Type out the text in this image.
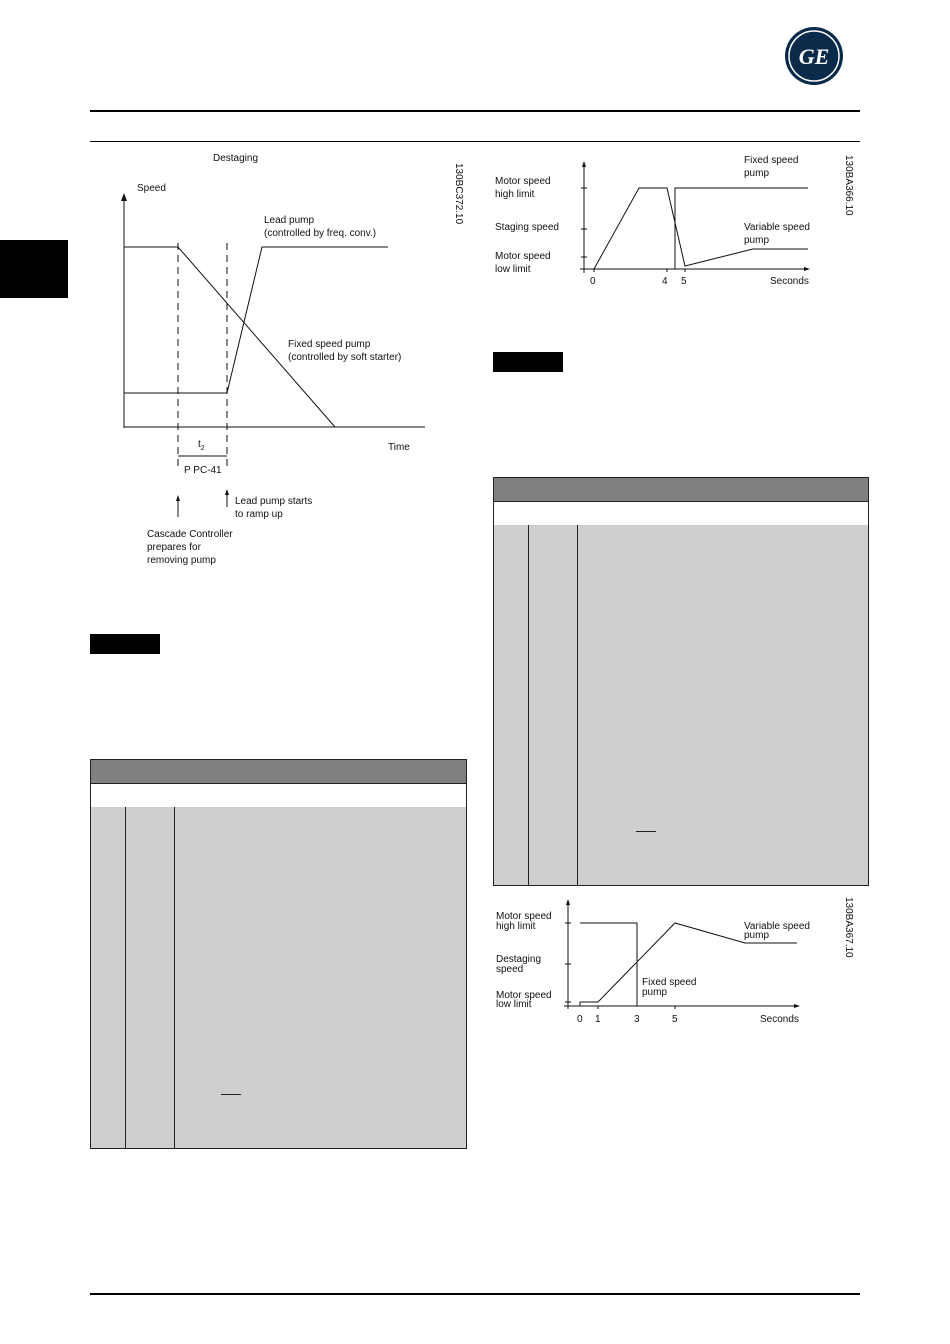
GE
Destaging
Speed	130BC372.10
Time
Lead pump
(controlled by freq. conv.)
Fixed speed pump
(controlled by soft starter)
$t_2$
P PC-41
Lead pump starts
to ramp up
Cascade Controller
prepares for
removing pump
130BA366.10
Motor speed
high limit
Staging speed
Motor speed
low limit
Fixed speed
pump
Variable speed
pump
0	4 5	Seconds
130BA367.10
Motor speed
high limit
Destaging
speed
Motor speed
low limit
Variable speed
pump
Fixed speed
pump
0 1	3	5	Seconds
